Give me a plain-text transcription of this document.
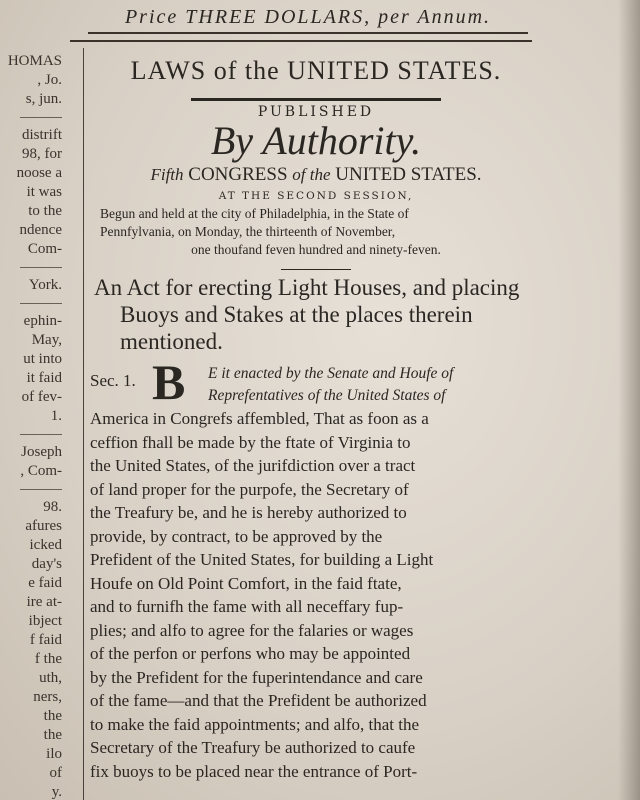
Price THREE DOLLARS, per Annum.
HOMAS
, Jo.
s, jun.
distrift
98, for
noose a
it was
to the
ndence
Com-
York.
ephin-
May,
ut into
it faid
of fev-
1.
Joseph
, Com-
98.
afures
icked
day's
e faid
ire at-
ibject
f faid
f the
uth,
ners,
the
the
ilo
of
y.
LAWS of the UNITED STATES.
PUBLISHED
By Authority.
Fifth CONGRESS of the UNITED STATES.
AT THE SECOND SESSION,
Begun and held at the city of Philadelphia, in the State of
Pennfylvania, on Monday, the thirteenth of November,
one thoufand feven hundred and ninety-feven.
An Act for erecting Light Houses, and placing Buoys and Stakes at the places therein mentioned.
Sec. 1. B E it enacted by the Senate and Houfe of
Reprefentatives of the United States of
America in Congrefs affembled, That as foon as a
ceffion fhall be made by the ftate of Virginia to
the United States, of the jurifdiction over a tract
of land proper for the purpofe, the Secretary of
the Treafury be, and he is hereby authorized to
provide, by contract, to be approved by the
Prefident of the United States, for building a Light
Houfe on Old Point Comfort, in the faid ftate,
and to furnifh the fame with all neceffary fup-
plies; and alfo to agree for the falaries or wages
of the perfon or perfons who may be appointed
by the Prefident for the fuperintendance and care
of the fame—and that the Prefident be authorized
to make the faid appointments; and alfo, that the
Secretary of the Treafury be authorized to caufe
fix buoys to be placed near the entrance of Port-
